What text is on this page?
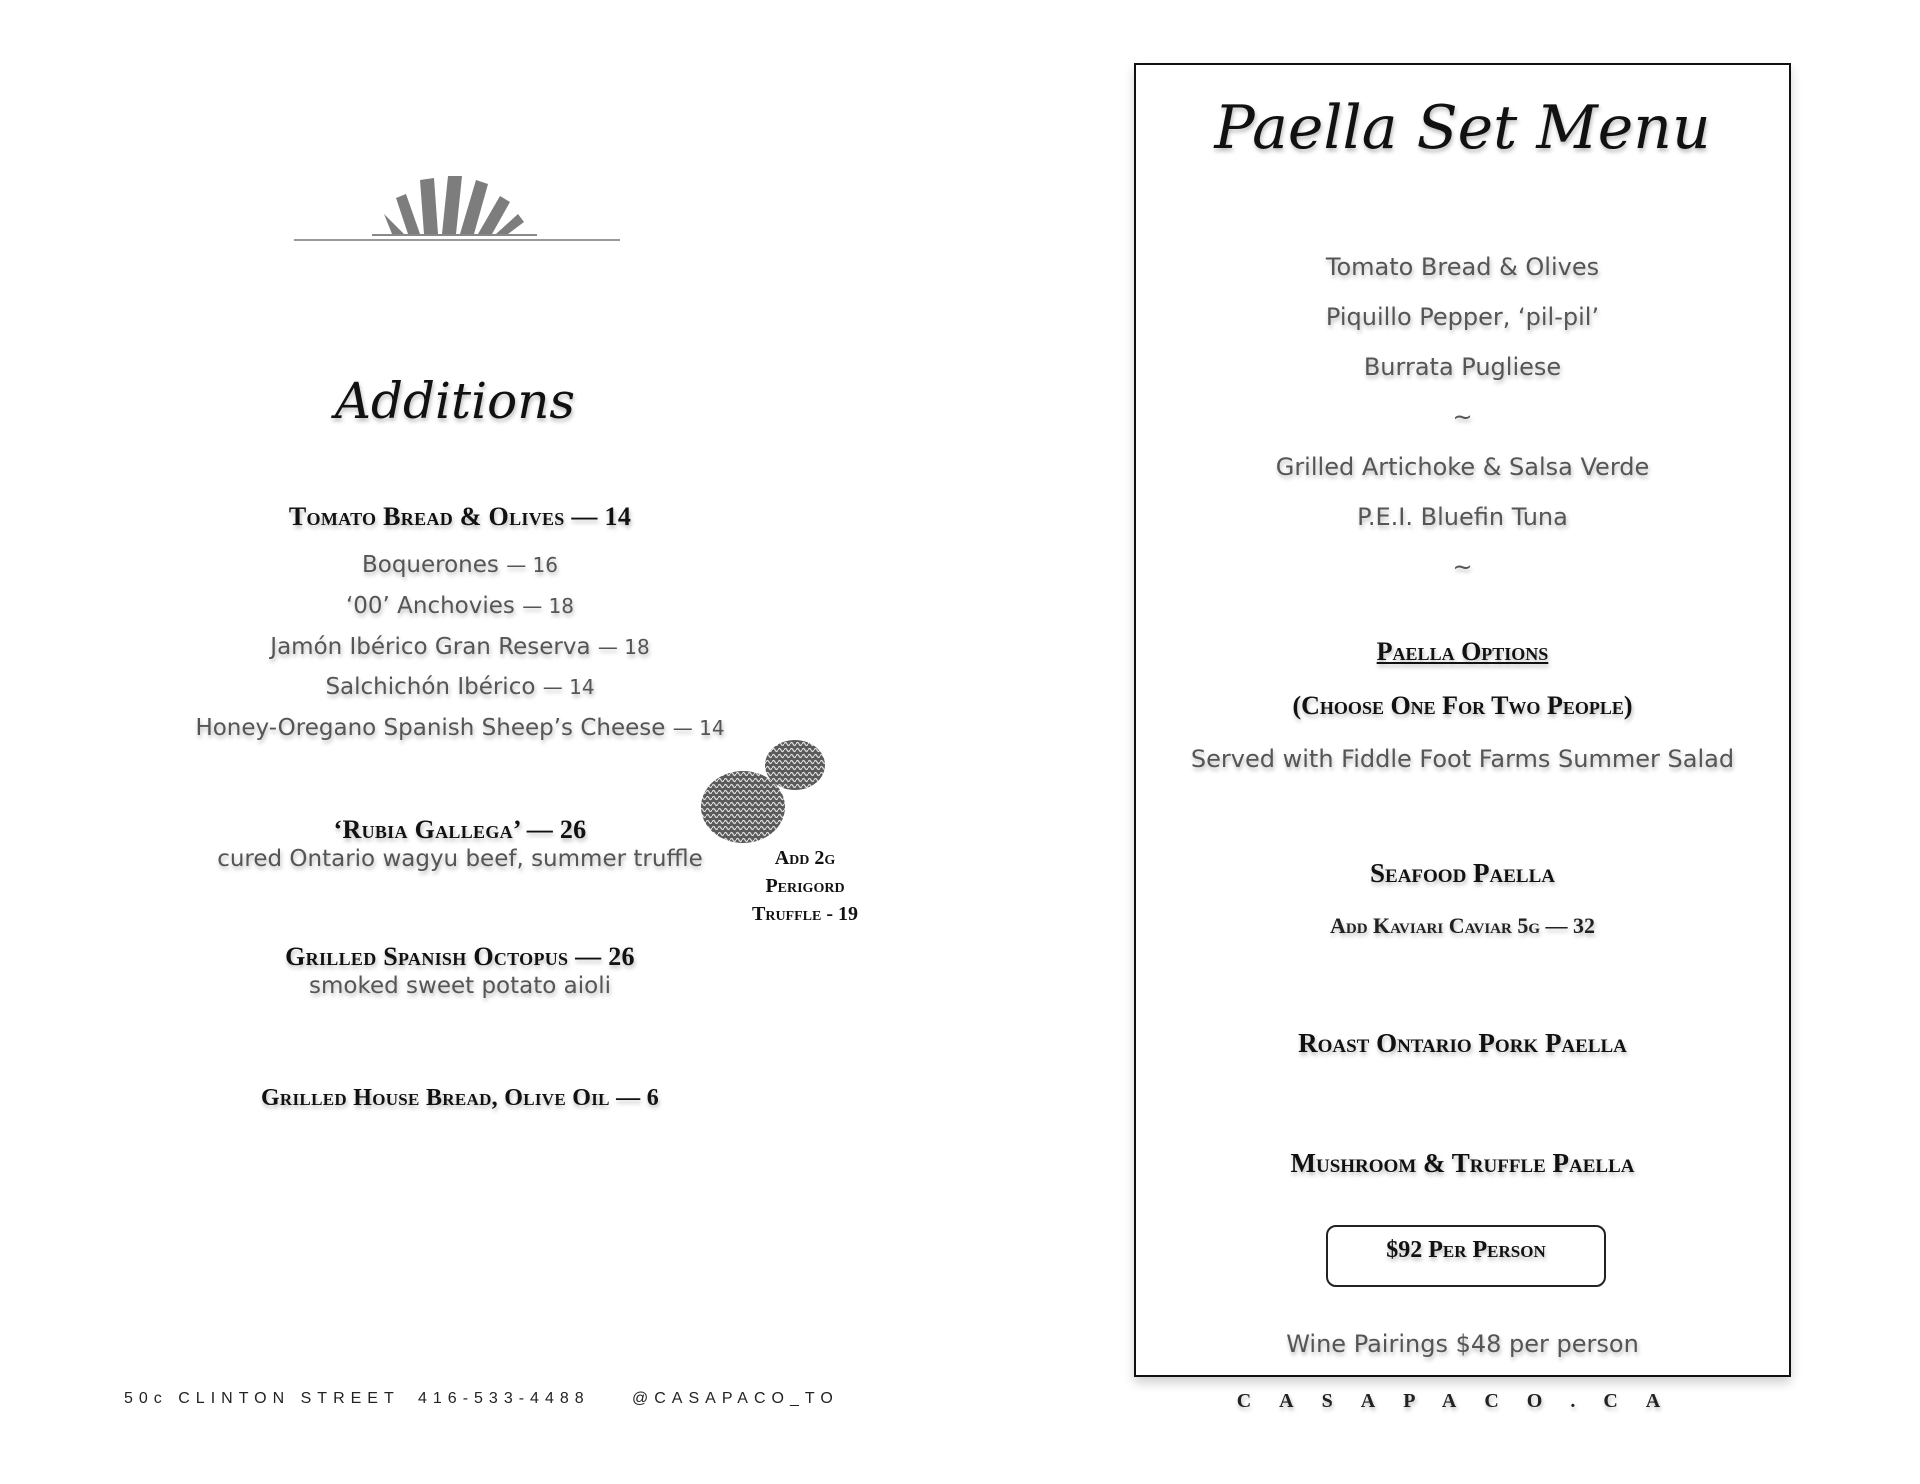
Additions
Tomato Bread & Olives — 14
Boquerones — 16
‘00’ Anchovies — 18
Jamón Ibérico Gran Reserva — 18
Salchichón Ibérico — 14
Honey-Oregano Spanish Sheep’s Cheese — 14
Add 2g
Perigord
Truffle - 19
‘Rubia Gallega’ — 26
cured Ontario wagyu beef, summer truffle
Grilled Spanish Octopus — 26
smoked sweet potato aioli
Grilled House Bread, Olive Oil — 6
50c CLINTON STREET 416-533-4488	@CASAPACO_TO
Paella Set Menu
Tomato Bread & Olives
Piquillo Pepper, ‘pil-pil’
Burrata Pugliese
~
Grilled Artichoke & Salsa Verde
P.E.I. Bluefin Tuna
~
Paella Options
(Choose One For Two People)
Served with Fiddle Foot Farms Summer Salad
Seafood Paella
Add Kaviari Caviar 5g — 32
Roast Ontario Pork Paella
Mushroom & Truffle Paella
$92 Per Person
Wine Pairings $48 per person
CASAPACO.CA
